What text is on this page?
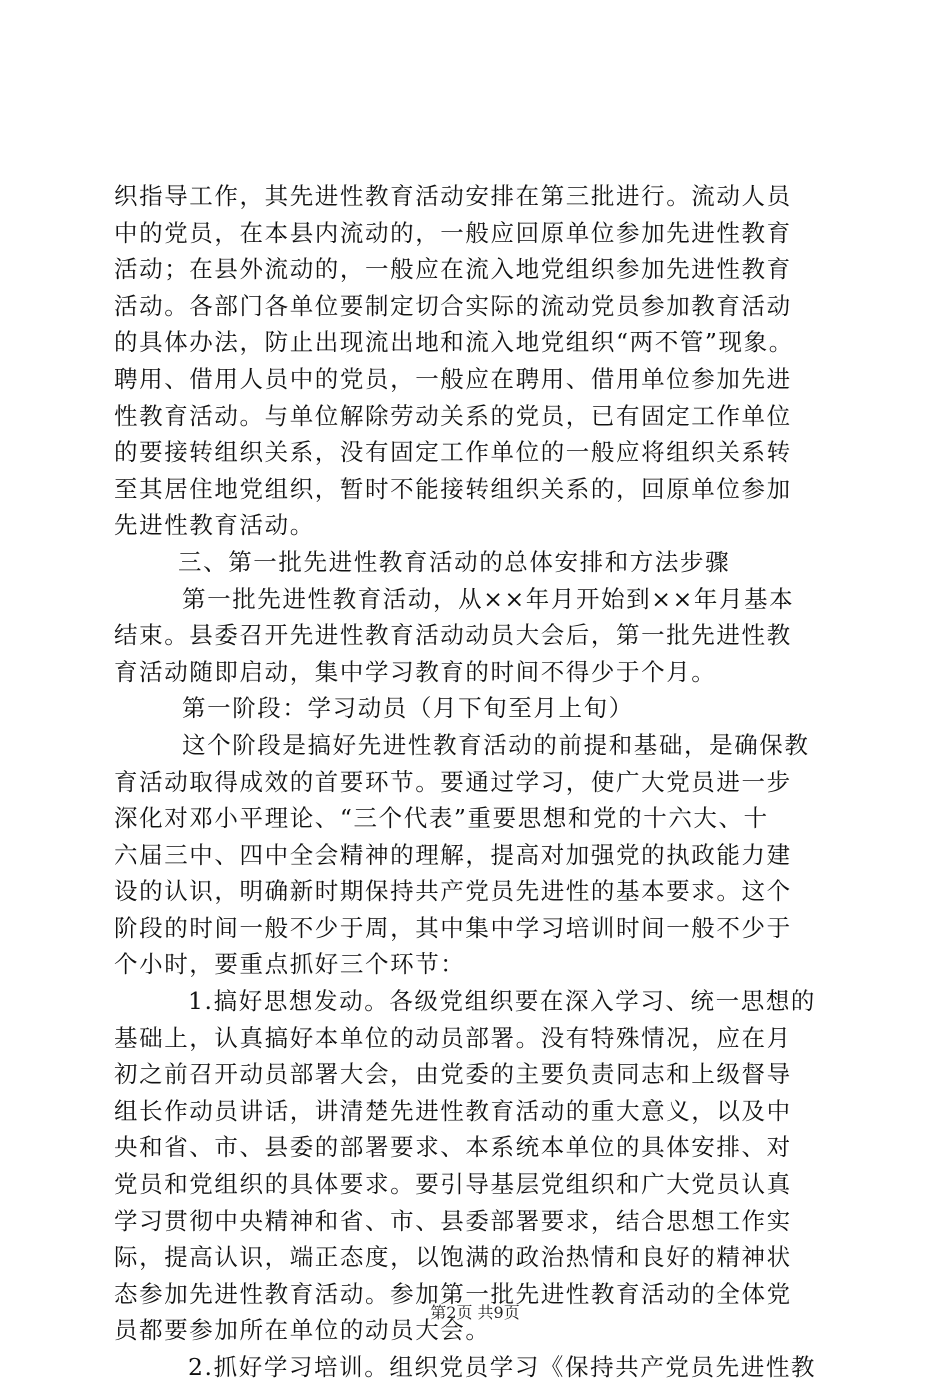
织指导工作，其先进性教育活动安排在第三批进行。流动人员
中的党员，在本县内流动的，一般应回原单位参加先进性教育
活动；在县外流动的，一般应在流入地党组织参加先进性教育
活动。各部门各单位要制定切合实际的流动党员参加教育活动
的具体办法，防止出现流出地和流入地党组织“两不管”现象。
聘用、借用人员中的党员，一般应在聘用、借用单位参加先进
性教育活动。与单位解除劳动关系的党员，已有固定工作单位
的要接转组织关系，没有固定工作单位的一般应将组织关系转
至其居住地党组织，暂时不能接转组织关系的，回原单位参加
先进性教育活动。
三、第一批先进性教育活动的总体安排和方法步骤
第一批先进性教育活动，从××年月开始到××年月基本
结束。县委召开先进性教育活动动员大会后，第一批先进性教
育活动随即启动，集中学习教育的时间不得少于个月。
第一阶段：学习动员（月下旬至月上旬）
这个阶段是搞好先进性教育活动的前提和基础，是确保教
育活动取得成效的首要环节。要通过学习，使广大党员进一步
深化对邓小平理论、“三个代表”重要思想和党的十六大、十
六届三中、四中全会精神的理解，提高对加强党的执政能力建
设的认识，明确新时期保持共产党员先进性的基本要求。这个
阶段的时间一般不少于周，其中集中学习培训时间一般不少于
个小时，要重点抓好三个环节：
1.搞好思想发动。各级党组织要在深入学习、统一思想的
基础上，认真搞好本单位的动员部署。没有特殊情况，应在月
初之前召开动员部署大会，由党委的主要负责同志和上级督导
组长作动员讲话，讲清楚先进性教育活动的重大意义，以及中
央和省、市、县委的部署要求、本系统本单位的具体安排、对
党员和党组织的具体要求。要引导基层党组织和广大党员认真
学习贯彻中央精神和省、市、县委部署要求，结合思想工作实
际，提高认识，端正态度，以饱满的政治热情和良好的精神状
态参加先进性教育活动。参加第一批先进性教育活动的全体党
员都要参加所在单位的动员大会。
2.抓好学习培训。组织党员学习《保持共产党员先进性教
第2页 共9页
